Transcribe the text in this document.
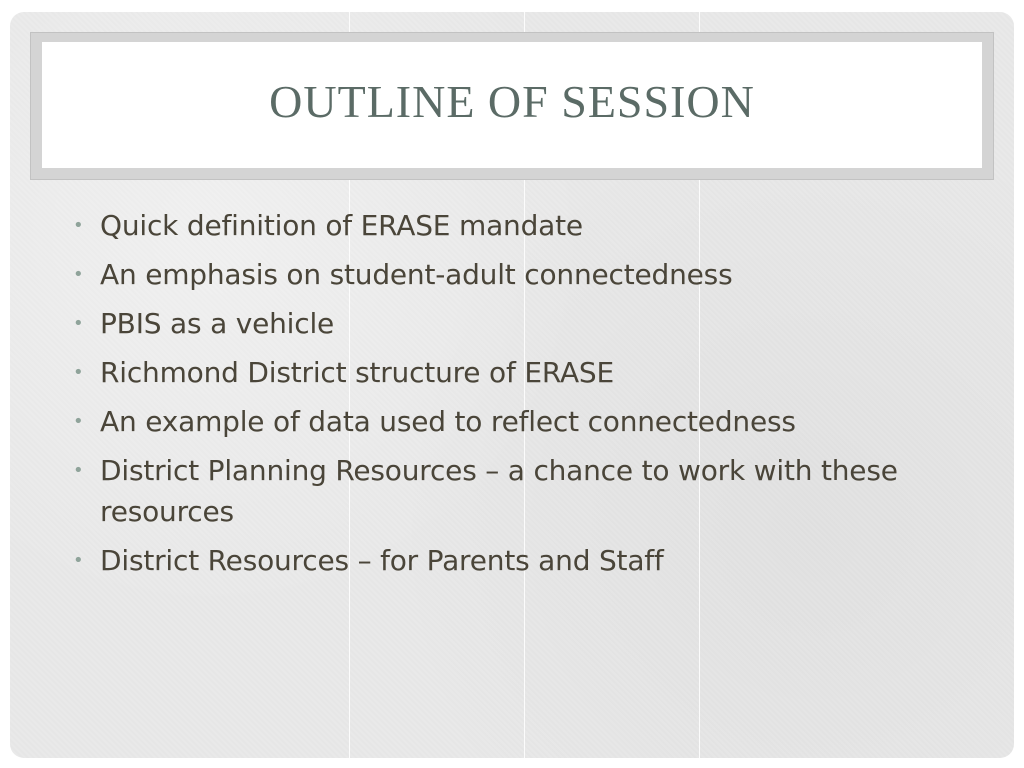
OUTLINE OF SESSION
• Quick definition of ERASE mandate
• An emphasis on student-adult connectedness
• PBIS as a vehicle
• Richmond District structure of ERASE
• An example of data used to reflect connectedness
• District Planning Resources – a chance to work with these resources
• District Resources – for Parents and Staff
